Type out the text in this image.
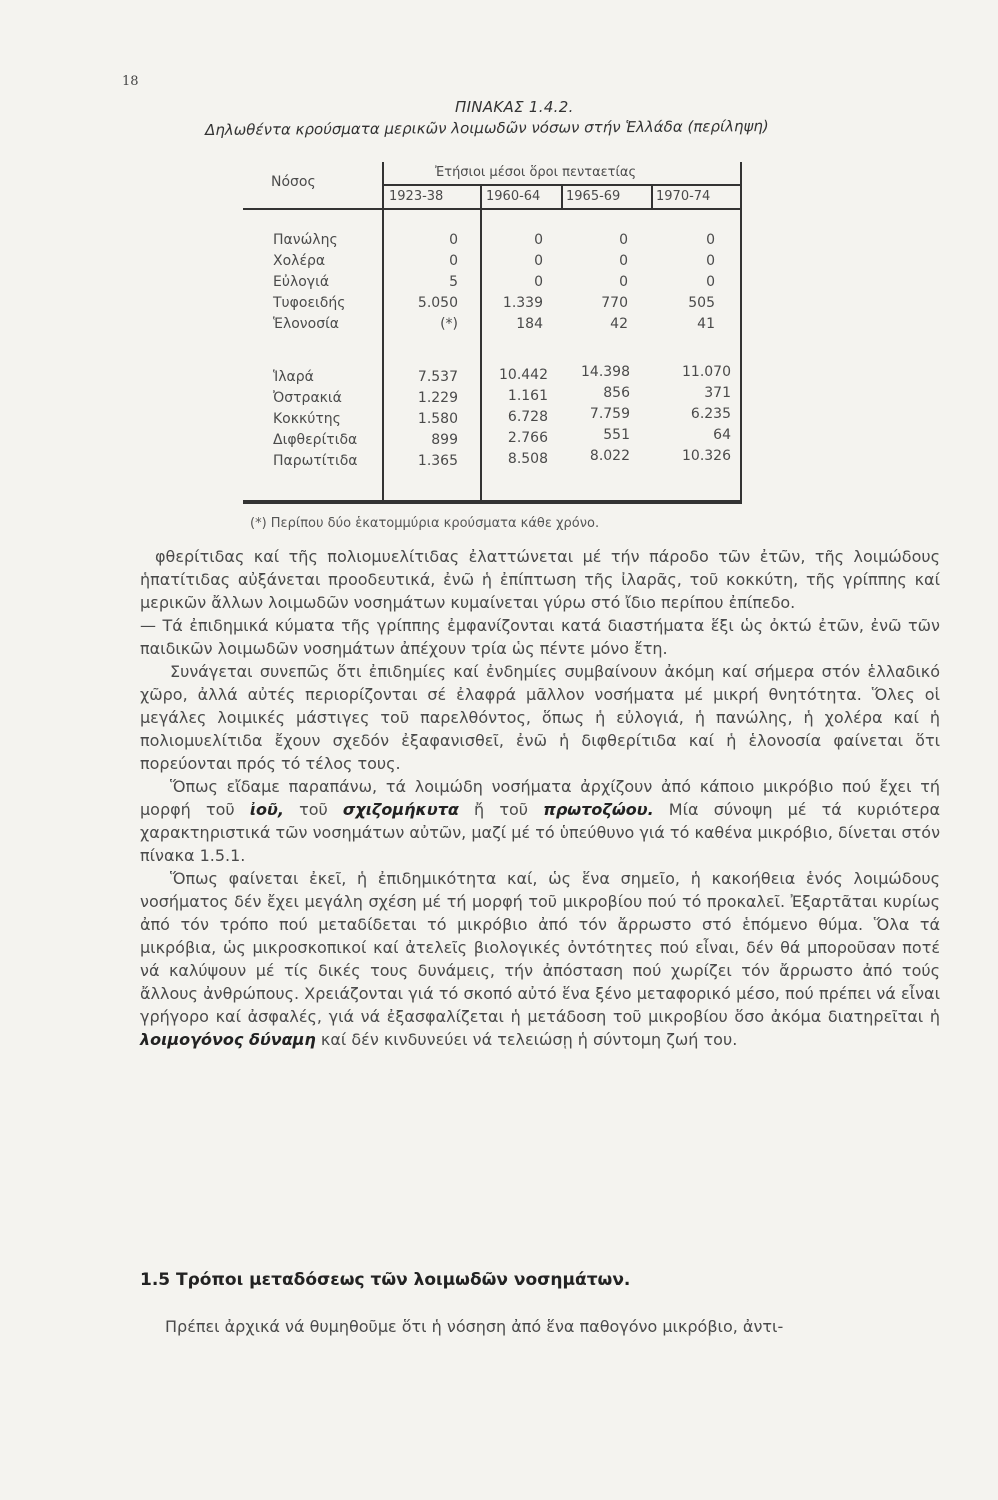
18
ΠΙΝΑΚΑΣ 1.4.2.
Δηλωθέντα κρούσματα μερικῶν λοιμωδῶν νόσων στήν Ἑλλάδα (περίληψη)
Νόσος
Ἐτήσιοι μέσοι ὅροι πενταετίας
1923-38	1960-64 1965-69	1970-74
Πανώλης
Χολέρα
Εὐλογιά
Τυφοειδής
Ἑλονοσία
0
0
5
5.050
(*)
0
0
0
1.339
184
0
0
0
770
42
0
0
0
505
41
Ἱλαρά
Ὀστρακιά
Κοκκύτης
Διφθερίτιδα
Παρωτίτιδα
7.537
1.229
1.580
899
1.365
10.442
1.161
6.728
2.766
8.508
14.398
856
7.759
551
8.022
11.070
371
6.235
64
10.326
(*) Περίπου δύο ἑκατομμύρια κρούσματα κάθε χρόνο.

φθερίτιδας καί τῆς πολιομυελίτιδας ἐλαττώνεται μέ τήν πάροδο τῶν ἐτῶν, τῆς λοιμώδους ἡπατίτιδας αὐξάνεται προοδευτικά, ἐνῶ ἡ ἐπίπτωση τῆς ἰλαρᾶς, τοῦ κοκκύτη, τῆς γρίππης καί μερικῶν ἄλλων λοιμωδῶν νοσημάτων κυμαίνεται γύρω στό ἴδιο περίπου ἐπίπεδο.

— Τά ἐπιδημικά κύματα τῆς γρίππης ἐμφανίζονται κατά διαστήματα ἕξι ὡς ὀκτώ ἐτῶν, ἐνῶ τῶν παιδικῶν λοιμωδῶν νοσημάτων ἀπέχουν τρία ὡς πέντε μόνο ἔτη.

Συνάγεται συνεπῶς ὅτι ἐπιδημίες καί ἐνδημίες συμβαίνουν ἀκόμη καί σήμερα στόν ἑλλαδικό χῶρο, ἀλλά αὐτές περιορίζονται σέ ἐλαφρά μᾶλλον νοσήματα μέ μικρή θνητότητα. Ὅλες οἱ μεγάλες λοιμικές μάστιγες τοῦ παρελθόντος, ὅπως ἡ εὐλογιά, ἡ πανώλης, ἡ χολέρα καί ἡ πολιομυελίτιδα ἔχουν σχεδόν ἐξαφανισθεῖ, ἐνῶ ἡ διφθερίτιδα καί ἡ ἑλονοσία φαίνεται ὅτι πορεύονται πρός τό τέλος τους.

Ὅπως εἴδαμε παραπάνω, τά λοιμώδη νοσήματα ἀρχίζουν ἀπό κάποιο μικρόβιο πού ἔχει τή μορφή τοῦ ἰοῦ, τοῦ σχιζομήκυτα ἤ τοῦ πρωτοζώου. Μία σύνοψη μέ τά κυριότερα χαρακτηριστικά τῶν νοσημάτων αὐτῶν, μαζί μέ τό ὑπεύθυνο γιά τό καθένα μικρόβιο, δίνεται στόν πίνακα 1.5.1.

Ὅπως φαίνεται ἐκεῖ, ἡ ἐπιδημικότητα καί, ὡς ἕνα σημεῖο, ἡ κακοήθεια ἑνός λοιμώδους νοσήματος δέν ἔχει μεγάλη σχέση μέ τή μορφή τοῦ μικροβίου πού τό προκαλεῖ. Ἐξαρτᾶται κυρίως ἀπό τόν τρόπο πού μεταδίδεται τό μικρόβιο ἀπό τόν ἄρρωστο στό ἑπόμενο θύμα. Ὅλα τά μικρόβια, ὡς μικροσκοπικοί καί ἀτελεῖς βιολογικές ὀντότητες πού εἶναι, δέν θά μποροῦσαν ποτέ νά καλύψουν μέ τίς δικές τους δυνάμεις, τήν ἀπόσταση πού χωρίζει τόν ἄρρωστο ἀπό τούς ἄλλους ἀνθρώπους. Χρειάζονται γιά τό σκοπό αὐτό ἕνα ξένο μεταφορικό μέσο, πού πρέπει νά εἶναι γρήγορο καί ἀσφαλές, γιά νά ἐξασφαλίζεται ἡ μετάδοση τοῦ μικροβίου ὅσο ἀκόμα διατηρεῖται ἡ λοιμογόνος δύναμη καί δέν κινδυνεύει νά τελειώσῃ ἡ σύντομη ζωή του.

1.5 Τρόποι μεταδόσεως τῶν λοιμωδῶν νοσημάτων.
Πρέπει ἀρχικά νά θυμηθοῦμε ὅτι ἡ νόσηση ἀπό ἕνα παθογόνο μικρόβιο, ἀντι-
